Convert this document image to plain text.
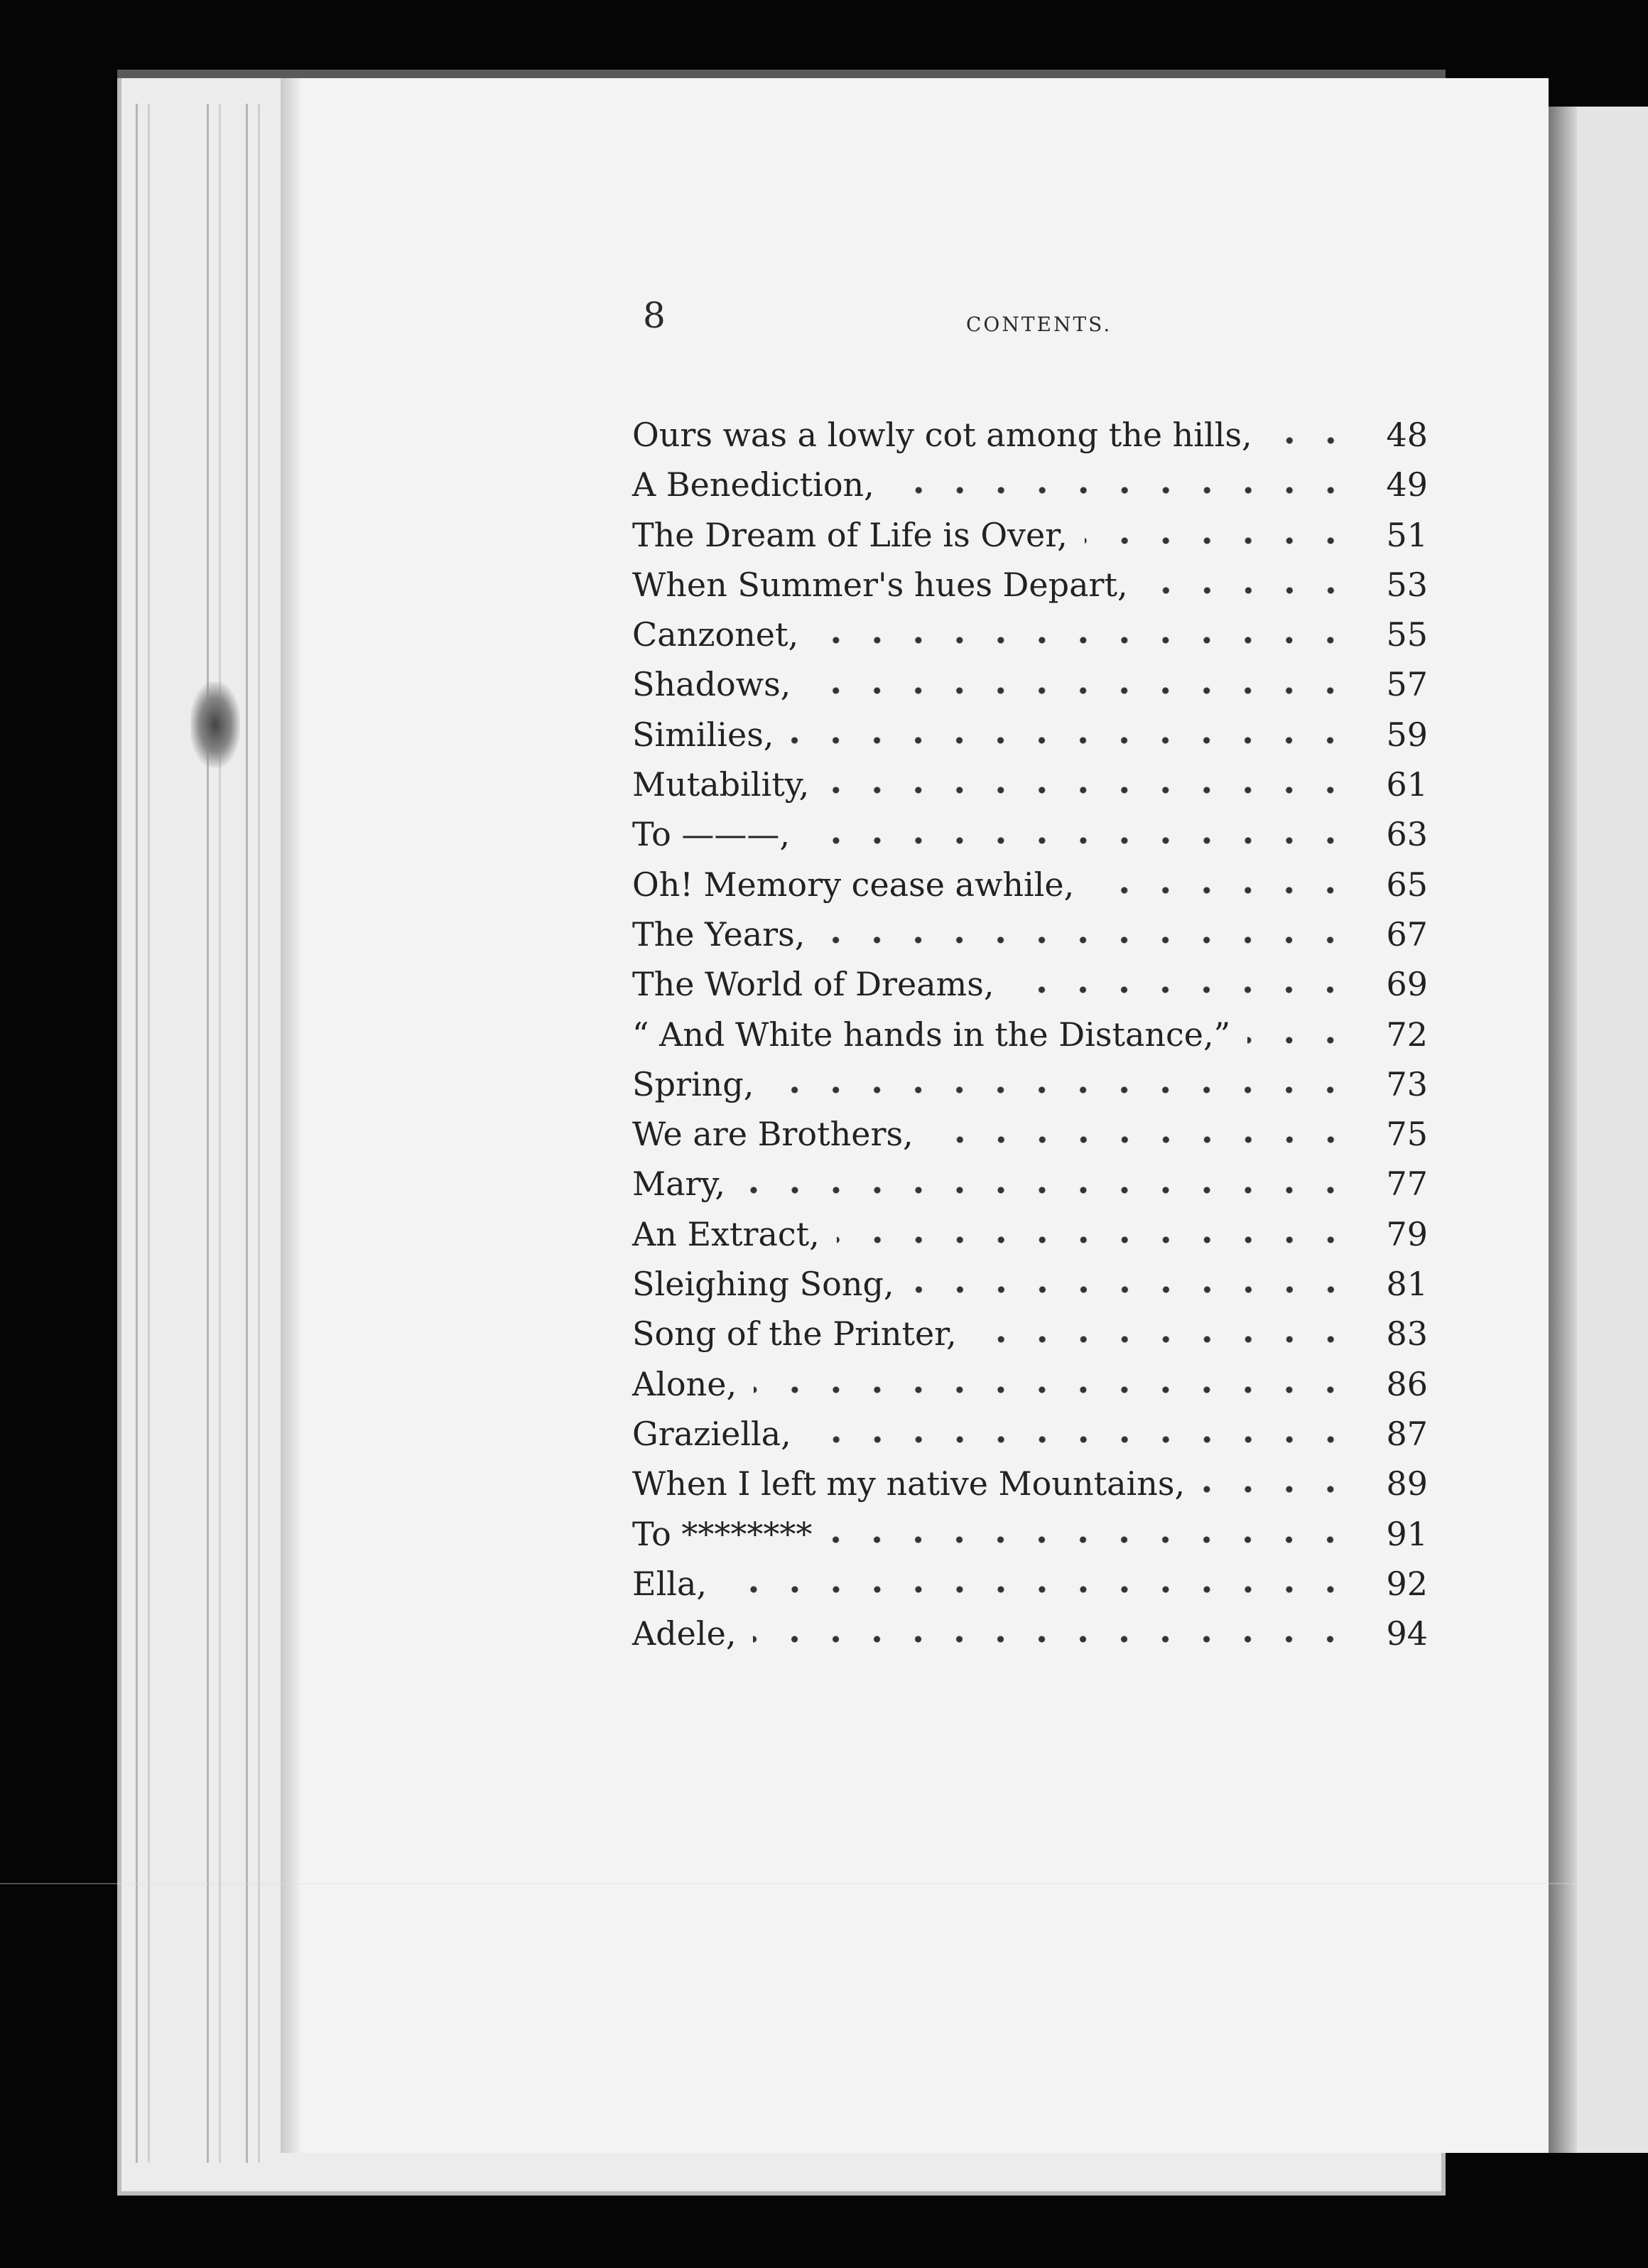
8	CONTENTS.
Ours was a lowly cot among the hills,	48
A Benediction,	49
The Dream of Life is Over,	51
When Summer's hues Depart,	53
Canzonet,	55
Shadows,	57
Similies,	59
Mutability,	61
To ———,	63
Oh! Memory cease awhile,	65
The Years,	67
The World of Dreams,	69
“ And White hands in the Distance,”	72
Spring,	73
We are Brothers,	75
Mary,	77
An Extract,	79
Sleighing Song,	81
Song of the Printer,	83
Alone,	86
Graziella,	87
When I left my native Mountains,	89
To ********	91
Ella,	92
Adele,	94
